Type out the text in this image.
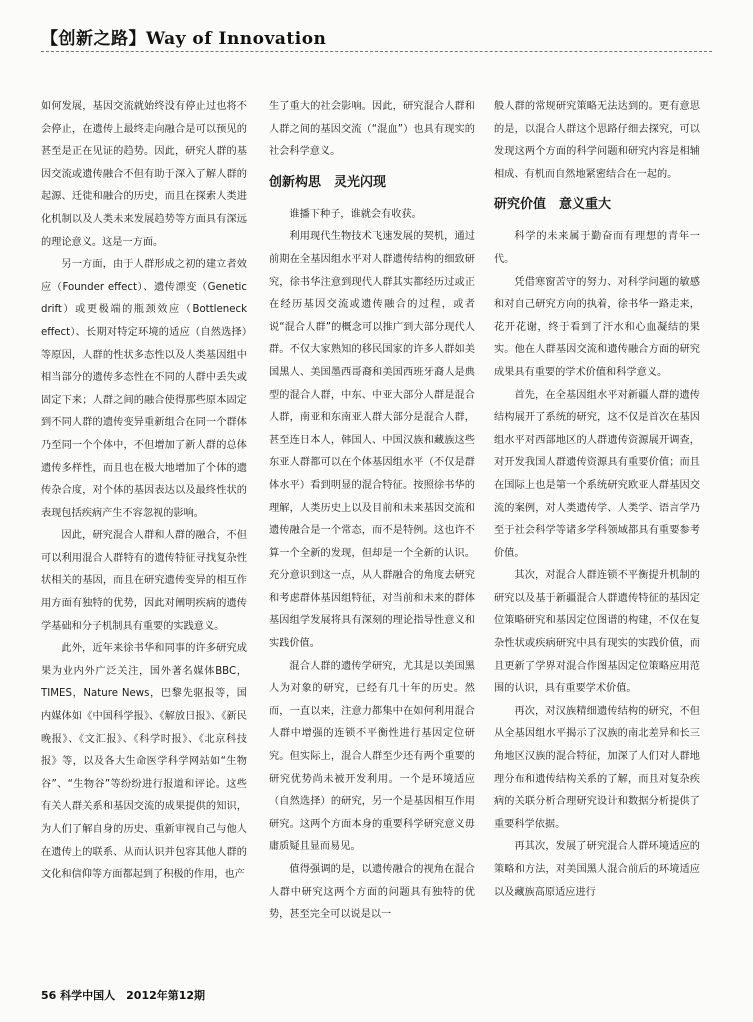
【创新之路】Way of Innovation

如何发展，基因交流就始终没有停止过也将不会停止，在遗传上最终走向融合是可以预见的甚至是正在见证的趋势。因此，研究人群的基因交流或遗传融合不但有助于深入了解人群的起源、迁徙和融合的历史，而且在探索人类进化机制以及人类未来发展趋势等方面具有深远的理论意义。这是一方面。

另一方面，由于人群形成之初的建立者效应（Founder effect）、遗传漂变（Genetic drift）或更极端的瓶颈效应（Bottleneck effect）、长期对特定环境的适应（自然选择）等原因，人群的性状多态性以及人类基因组中相当部分的遗传多态性在不同的人群中丢失或固定下来；人群之间的融合使得那些原本固定到不同人群的遗传变异重新组合在同一个群体乃至同一个个体中，不但增加了新人群的总体遗传多样性，而且也在极大地增加了个体的遗传杂合度，对个体的基因表达以及最终性状的表现包括疾病产生不容忽视的影响。

因此，研究混合人群和人群的融合，不但可以利用混合人群特有的遗传特征寻找复杂性状相关的基因，而且在研究遗传变异的相互作用方面有独特的优势，因此对阐明疾病的遗传学基础和分子机制具有重要的实践意义。

此外，近年来徐书华和同事的许多研究成果为业内外广泛关注，国外著名媒体BBC，TIMES，Nature News，巴黎先驱报等，国内媒体如《中国科学报》、《解放日报》、《新民晚报》、《文汇报》、《科学时报》、《北京科技报》等，以及各大生命医学科学网站如“生物谷”、“生物谷”等纷纷进行报道和评论。这些有关人群关系和基因交流的成果提供的知识，为人们了解自身的历史、重新审视自己与他人在遗传上的联系、从而认识并包容其他人群的文化和信仰等方面都起到了积极的作用，也产

生了重大的社会影响。因此，研究混合人群和人群之间的基因交流（“混血”）也具有现实的社会科学意义。

创新构思　灵光闪现

谁播下种子，谁就会有收获。

利用现代生物技术飞速发展的契机，通过前期在全基因组水平对人群遗传结构的细致研究，徐书华注意到现代人群其实都经历过或正在经历基因交流或遗传融合的过程，或者说“混合人群”的概念可以推广到大部分现代人群。不仅大家熟知的移民国家的许多人群如美国黑人、美国墨西哥裔和美国西班牙裔人是典型的混合人群，中东、中亚大部分人群是混合人群，南亚和东南亚人群大部分是混合人群，甚至连日本人，韩国人、中国汉族和藏族这些东亚人群都可以在个体基因组水平（不仅是群体水平）看到明显的混合特征。按照徐书华的理解，人类历史上以及目前和未来基因交流和遗传融合是一个常态，而不是特例。这也许不算一个全新的发现，但却是一个全新的认识。充分意识到这一点，从人群融合的角度去研究和考虑群体基因组特征，对当前和未来的群体基因组学发展将具有深刻的理论指导性意义和实践价值。

混合人群的遗传学研究，尤其是以美国黑人为对象的研究，已经有几十年的历史。然而，一直以来，注意力都集中在如何利用混合人群中增强的连锁不平衡性进行基因定位研究。但实际上，混合人群至少还有两个重要的研究优势尚未被开发利用。一个是环境适应（自然选择）的研究，另一个是基因相互作用研究。这两个方面本身的重要科学研究意义毋庸质疑且显而易见。

值得强调的是，以遗传融合的视角在混合人群中研究这两个方面的问题具有独特的优势，甚至完全可以说是以一

般人群的常规研究策略无法达到的。更有意思的是，以混合人群这个思路仔细去探究，可以发现这两个方面的科学问题和研究内容是相辅相成、有机而自然地紧密结合在一起的。

研究价值　意义重大

科学的未来属于勤奋而有理想的青年一代。

凭借寒窗苦守的努力、对科学问题的敏感和对自己研究方向的执着，徐书华一路走来，花开花谢，终于看到了汗水和心血凝结的果实。他在人群基因交流和遗传融合方面的研究成果具有重要的学术价值和科学意义。

首先，在全基因组水平对新疆人群的遗传结构展开了系统的研究，这不仅是首次在基因组水平对西部地区的人群遗传资源展开调查，对开发我国人群遗传资源具有重要价值；而且在国际上也是第一个系统研究欧亚人群基因交流的案例，对人类遗传学、人类学、语言学乃至于社会科学等诸多学科领域都具有重要参考价值。

其次，对混合人群连锁不平衡提升机制的研究以及基于新疆混合人群遗传特征的基因定位策略研究和基因定位图谱的构建，不仅在复杂性状或疾病研究中具有现实的实践价值，而且更新了学界对混合作图基因定位策略应用范围的认识，具有重要学术价值。

再次，对汉族精细遗传结构的研究，不但从全基因组水平揭示了汉族的南北差异和长三角地区汉族的混合特征，加深了人们对人群地理分布和遗传结构关系的了解，而且对复杂疾病的关联分析合理研究设计和数据分析提供了重要科学依据。

再其次，发展了研究混合人群环境适应的策略和方法，对美国黑人混合前后的环境适应以及藏族高原适应进行

56 科学中国人　2012年第12期
